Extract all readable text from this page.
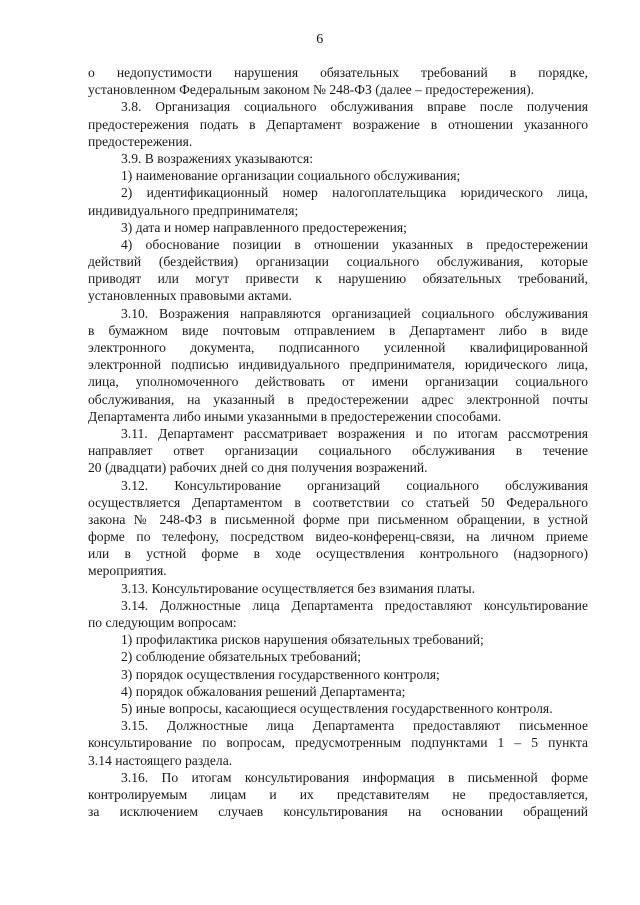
6
о недопустимости нарушения обязательных требований в порядке,
установленном Федеральным законом № 248-ФЗ (далее – предостережения).
3.8. Организация социального обслуживания вправе после получения
предостережения подать в Департамент возражение в отношении указанного
предостережения.
3.9. В возражениях указываются:
1) наименование организации социального обслуживания;
2) идентификационный номер налогоплательщика юридического лица,
индивидуального предпринимателя;
3) дата и номер направленного предостережения;
4) обоснование позиции в отношении указанных в предостережении
действий (бездействия) организации социального обслуживания, которые
приводят или могут привести к нарушению обязательных требований,
установленных правовыми актами.
3.10. Возражения направляются организацией социального обслуживания
в бумажном виде почтовым отправлением в Департамент либо в виде
электронного документа, подписанного усиленной квалифицированной
электронной подписью индивидуального предпринимателя, юридического лица,
лица, уполномоченного действовать от имени организации социального
обслуживания, на указанный в предостережении адрес электронной почты
Департамента либо иными указанными в предостережении способами.
3.11. Департамент рассматривает возражения и по итогам рассмотрения
направляет ответ организации социального обслуживания в течение
20 (двадцати) рабочих дней со дня получения возражений.
3.12. Консультирование организаций социального обслуживания
осуществляется Департаментом в соответствии со статьей 50 Федерального
закона № 248-ФЗ в письменной форме при письменном обращении, в устной
форме по телефону, посредством видео-конференц-связи, на личном приеме
или в устной форме в ходе осуществления контрольного (надзорного)
мероприятия.
3.13. Консультирование осуществляется без взимания платы.
3.14. Должностные лица Департамента предоставляют консультирование
по следующим вопросам:
1) профилактика рисков нарушения обязательных требований;
2) соблюдение обязательных требований;
3) порядок осуществления государственного контроля;
4) порядок обжалования решений Департамента;
5) иные вопросы, касающиеся осуществления государственного контроля.
3.15. Должностные лица Департамента предоставляют письменное
консультирование по вопросам, предусмотренным подпунктами 1 – 5 пункта
3.14 настоящего раздела.
3.16. По итогам консультирования информация в письменной форме
контролируемым лицам и их представителям не предоставляется,
за исключением случаев консультирования на основании обращений
